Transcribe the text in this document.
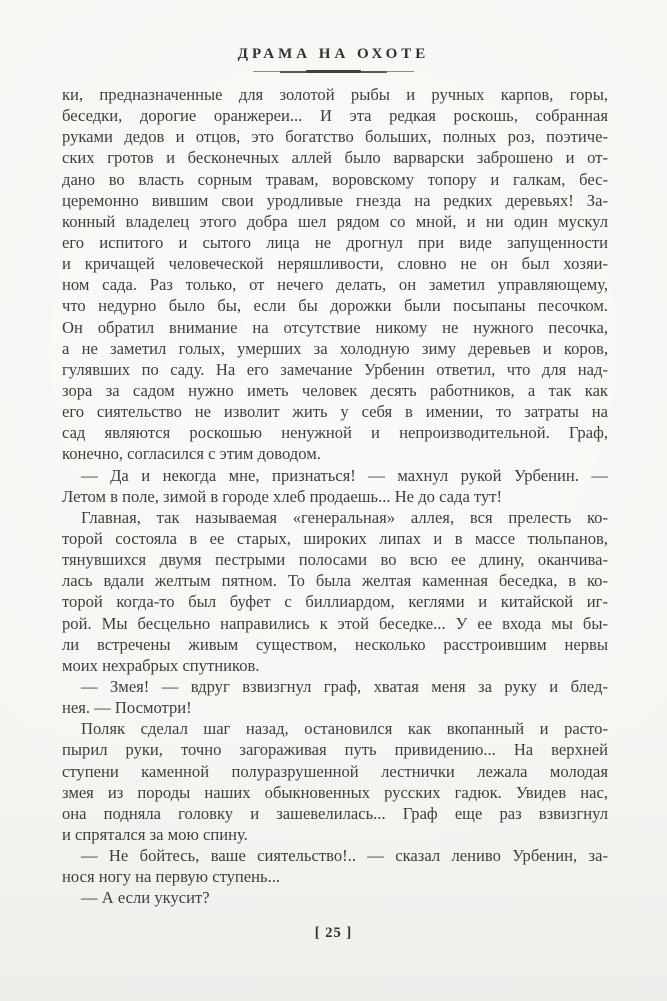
ДРАМА НА ОХОТЕ
ки, предназначенные для золотой рыбы и ручных карпов, горы,
беседки, дорогие оранжереи... И эта редкая роскошь, собранная
руками дедов и отцов, это богатство больших, полных роз, поэтиче-
ских гротов и бесконечных аллей было варварски заброшено и от-
дано во власть сорным травам, воровскому топору и галкам, бес-
церемонно вившим свои уродливые гнезда на редких деревьях! За-
конный владелец этого добра шел рядом со мной, и ни один мускул
его испитого и сытого лица не дрогнул при виде запущенности
и кричащей человеческой неряшливости, словно не он был хозяи-
ном сада. Раз только, от нечего делать, он заметил управляющему,
что недурно было бы, если бы дорожки были посыпаны песочком.
Он обратил внимание на отсутствие никому не нужного песочка,
а не заметил голых, умерших за холодную зиму деревьев и коров,
гулявших по саду. На его замечание Урбенин ответил, что для над-
зора за садом нужно иметь человек десять работников, а так как
его сиятельство не изволит жить у себя в имении, то затраты на
сад являются роскошью ненужной и непроизводительной. Граф,
конечно, согласился с этим доводом.
— Да и некогда мне, признаться! — махнул рукой Урбенин. —
Летом в поле, зимой в городе хлеб продаешь... Не до сада тут!
Главная, так называемая «генеральная» аллея, вся прелесть ко-
торой состояла в ее старых, широких липах и в массе тюльпанов,
тянувшихся двумя пестрыми полосами во всю ее длину, оканчива-
лась вдали желтым пятном. То была желтая каменная беседка, в ко-
торой когда-то был буфет с биллиардом, кеглями и китайской иг-
рой. Мы бесцельно направились к этой беседке... У ее входа мы бы-
ли встречены живым существом, несколько расстроившим нервы
моих нехрабрых спутников.
— Змея! — вдруг взвизгнул граф, хватая меня за руку и блед-
нея. — Посмотри!
Поляк сделал шаг назад, остановился как вкопанный и расто-
пырил руки, точно загораживая путь привидению... На верхней
ступени каменной полуразрушенной лестнички лежала молодая
змея из породы наших обыкновенных русских гадюк. Увидев нас,
она подняла головку и зашевелилась... Граф еще раз взвизгнул
и спрятался за мою спину.
— Не бойтесь, ваше сиятельство!.. — сказал лениво Урбенин, за-
нося ногу на первую ступень...
— А если укусит?
[ 25 ]
